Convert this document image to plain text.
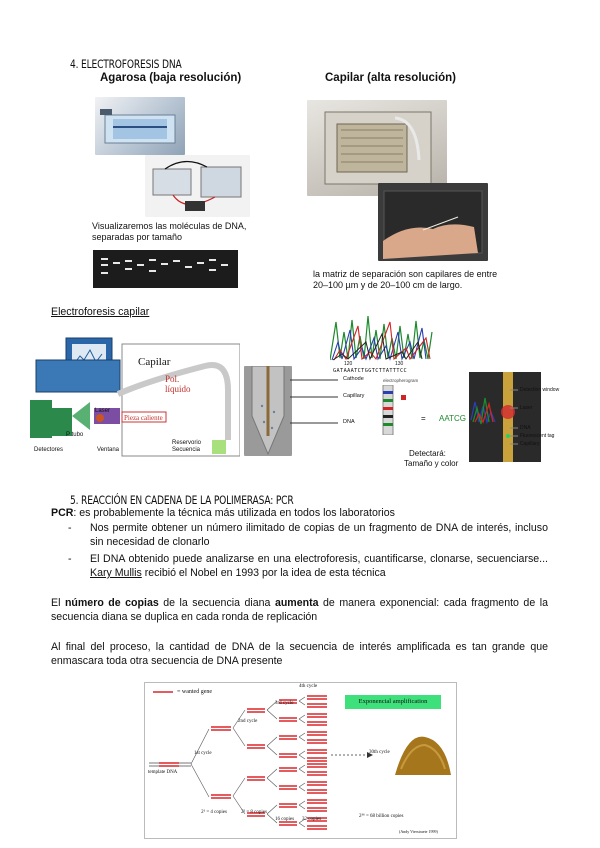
4. ELECTROFORESIS DNA
Agarosa (baja resolución)	Capilar (alta resolución)
Visualizaremos las moléculas de DNA, separadas por tamaño
la matriz de separación son capilares de entre 20–100 µm y de 20–100 cm de largo.
Electroforesis capilar
Capilar
Pol. líquido
Pieza caliente
Laser
P tubo
Detectores	Ventana
Reservorio Secuencia
Cathode
Capillary
DNA
120	130
GATAAATCTGGTCTTATTTCC
electropherogram
= AATCG
Detectará:
Tamaño y color
Detection window
Laser
DNA
Fluorescent tag
Capillary
5. REACCIÓN EN CADENA DE LA POLIMERASA: PCR
PCR: es probablemente la técnica más utilizada en todos los laboratorios
- Nos permite obtener un número ilimitado de copias de un fragmento de DNA de interés, incluso sin necesidad de clonarlo
- El DNA obtenido puede analizarse en una electroforesis, cuantificarse, clonarse, secuenciarse... Kary Mullis recibió el Nobel en 1993 por la idea de esta técnica
El número de copias de la secuencia diana aumenta de manera exponencial: cada fragmento de la secuencia diana se duplica en cada ronda de replicación
Al final del proceso, la cantidad de DNA de la secuencia de interés amplificada es tan grande que enmascara toda otra secuencia de DNA presente
= wanted gene
Exponencial amplification
template DNA
1st cycle
2nd cycle
3rd cycle
4th cycle
30th cycle
2¹ = 4 copies	2² = 8 copies
16 copies 32 copies
2³⁶ = 68 billion copies
(Andy Vierstraete 1999)
